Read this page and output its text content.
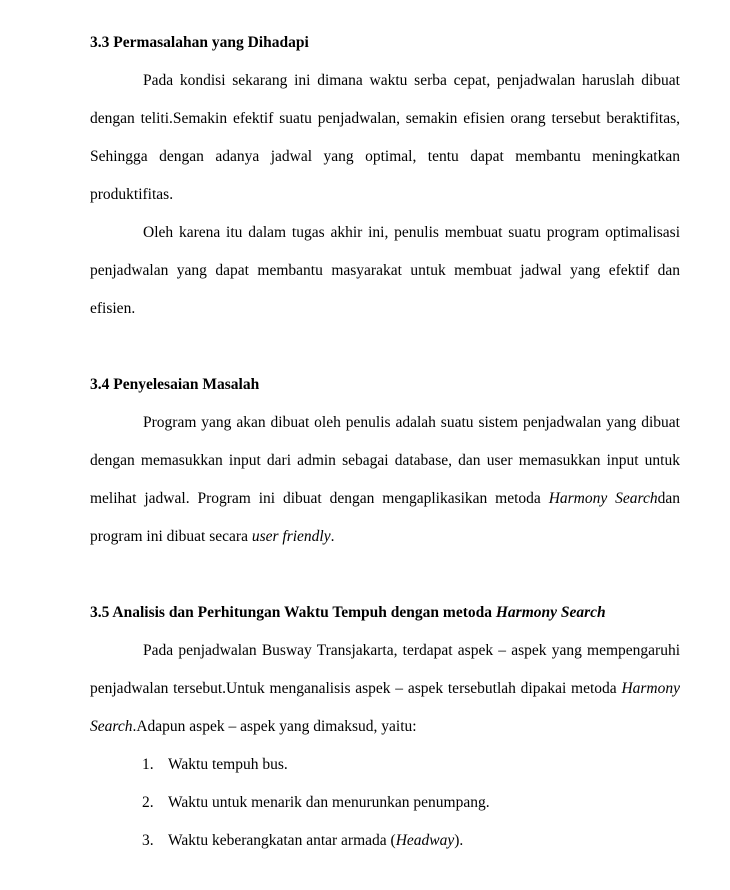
3.3 Permasalahan yang Dihadapi

Pada kondisi sekarang ini dimana waktu serba cepat, penjadwalan haruslah dibuat dengan teliti.Semakin efektif suatu penjadwalan, semakin efisien orang tersebut beraktifitas, Sehingga dengan adanya jadwal yang optimal, tentu dapat membantu meningkatkan produktifitas.

Oleh karena itu dalam tugas akhir ini, penulis membuat suatu program optimalisasi penjadwalan yang dapat membantu masyarakat untuk membuat jadwal yang efektif dan efisien.

3.4 Penyelesaian Masalah

Program yang akan dibuat oleh penulis adalah suatu sistem penjadwalan yang dibuat dengan memasukkan input dari admin sebagai database, dan user memasukkan input untuk melihat jadwal. Program ini dibuat dengan mengaplikasikan metoda Harmony Searchdan program ini dibuat secara user friendly.

3.5 Analisis dan Perhitungan Waktu Tempuh dengan metoda Harmony Search

Pada penjadwalan Busway Transjakarta, terdapat aspek – aspek yang mempengaruhi penjadwalan tersebut.Untuk menganalisis aspek – aspek tersebutlah dipakai metoda Harmony Search.Adapun aspek – aspek yang dimaksud, yaitu:

1. Waktu tempuh bus.
2. Waktu untuk menarik dan menurunkan penumpang.
3. Waktu keberangkatan antar armada (Headway).
